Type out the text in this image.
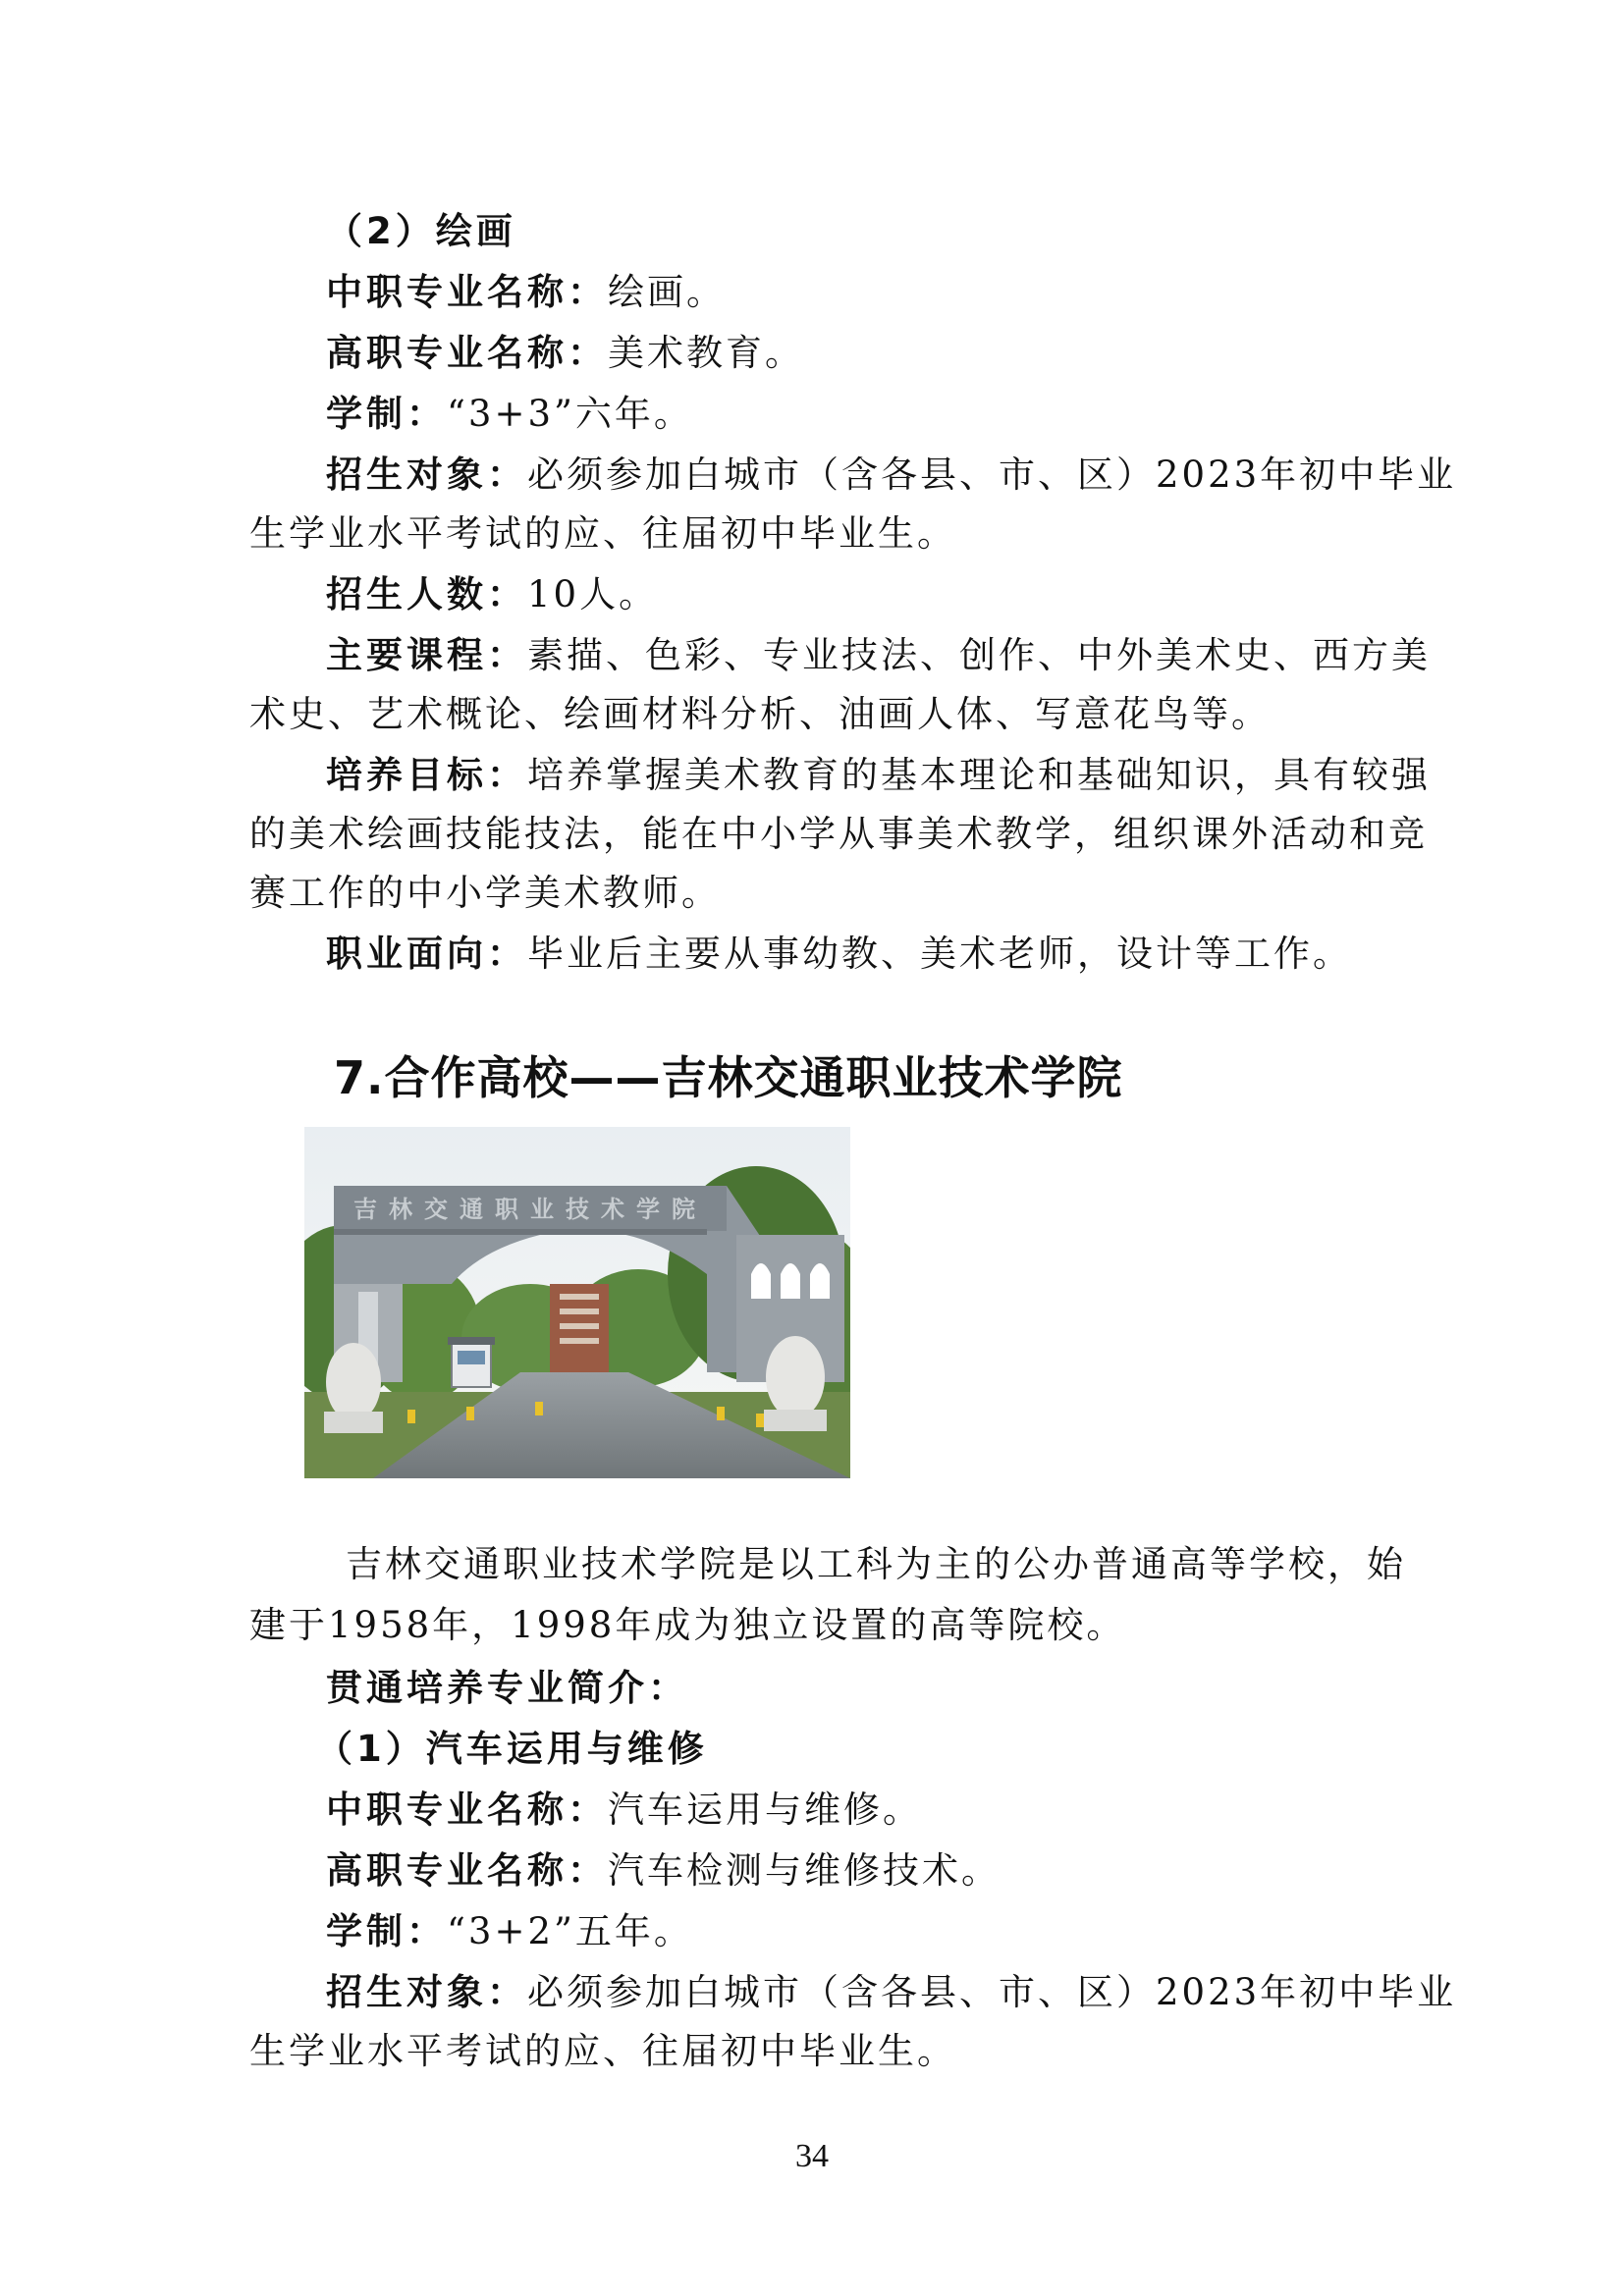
（2）绘画
中职专业名称：绘画。
高职专业名称：美术教育。
学制：“3+3”六年。
招生对象：必须参加白城市（含各县、市、区）2023年初中毕业
生学业水平考试的应、往届初中毕业生。
招生人数：10人。
主要课程：素描、色彩、专业技法、创作、中外美术史、西方美
术史、艺术概论、绘画材料分析、油画人体、写意花鸟等。
培养目标：培养掌握美术教育的基本理论和基础知识，具有较强
的美术绘画技能技法，能在中小学从事美术教学，组织课外活动和竞
赛工作的中小学美术教师。
职业面向：毕业后主要从事幼教、美术老师，设计等工作。
7.合作高校——吉林交通职业技术学院
吉林交通职业技术学院
吉林交通职业技术学院是以工科为主的公办普通高等学校，始
建于1958年，1998年成为独立设置的高等院校。
贯通培养专业简介：
（1）汽车运用与维修
中职专业名称：汽车运用与维修。
高职专业名称：汽车检测与维修技术。
学制：“3+2”五年。
招生对象：必须参加白城市（含各县、市、区）2023年初中毕业
生学业水平考试的应、往届初中毕业生。
34
